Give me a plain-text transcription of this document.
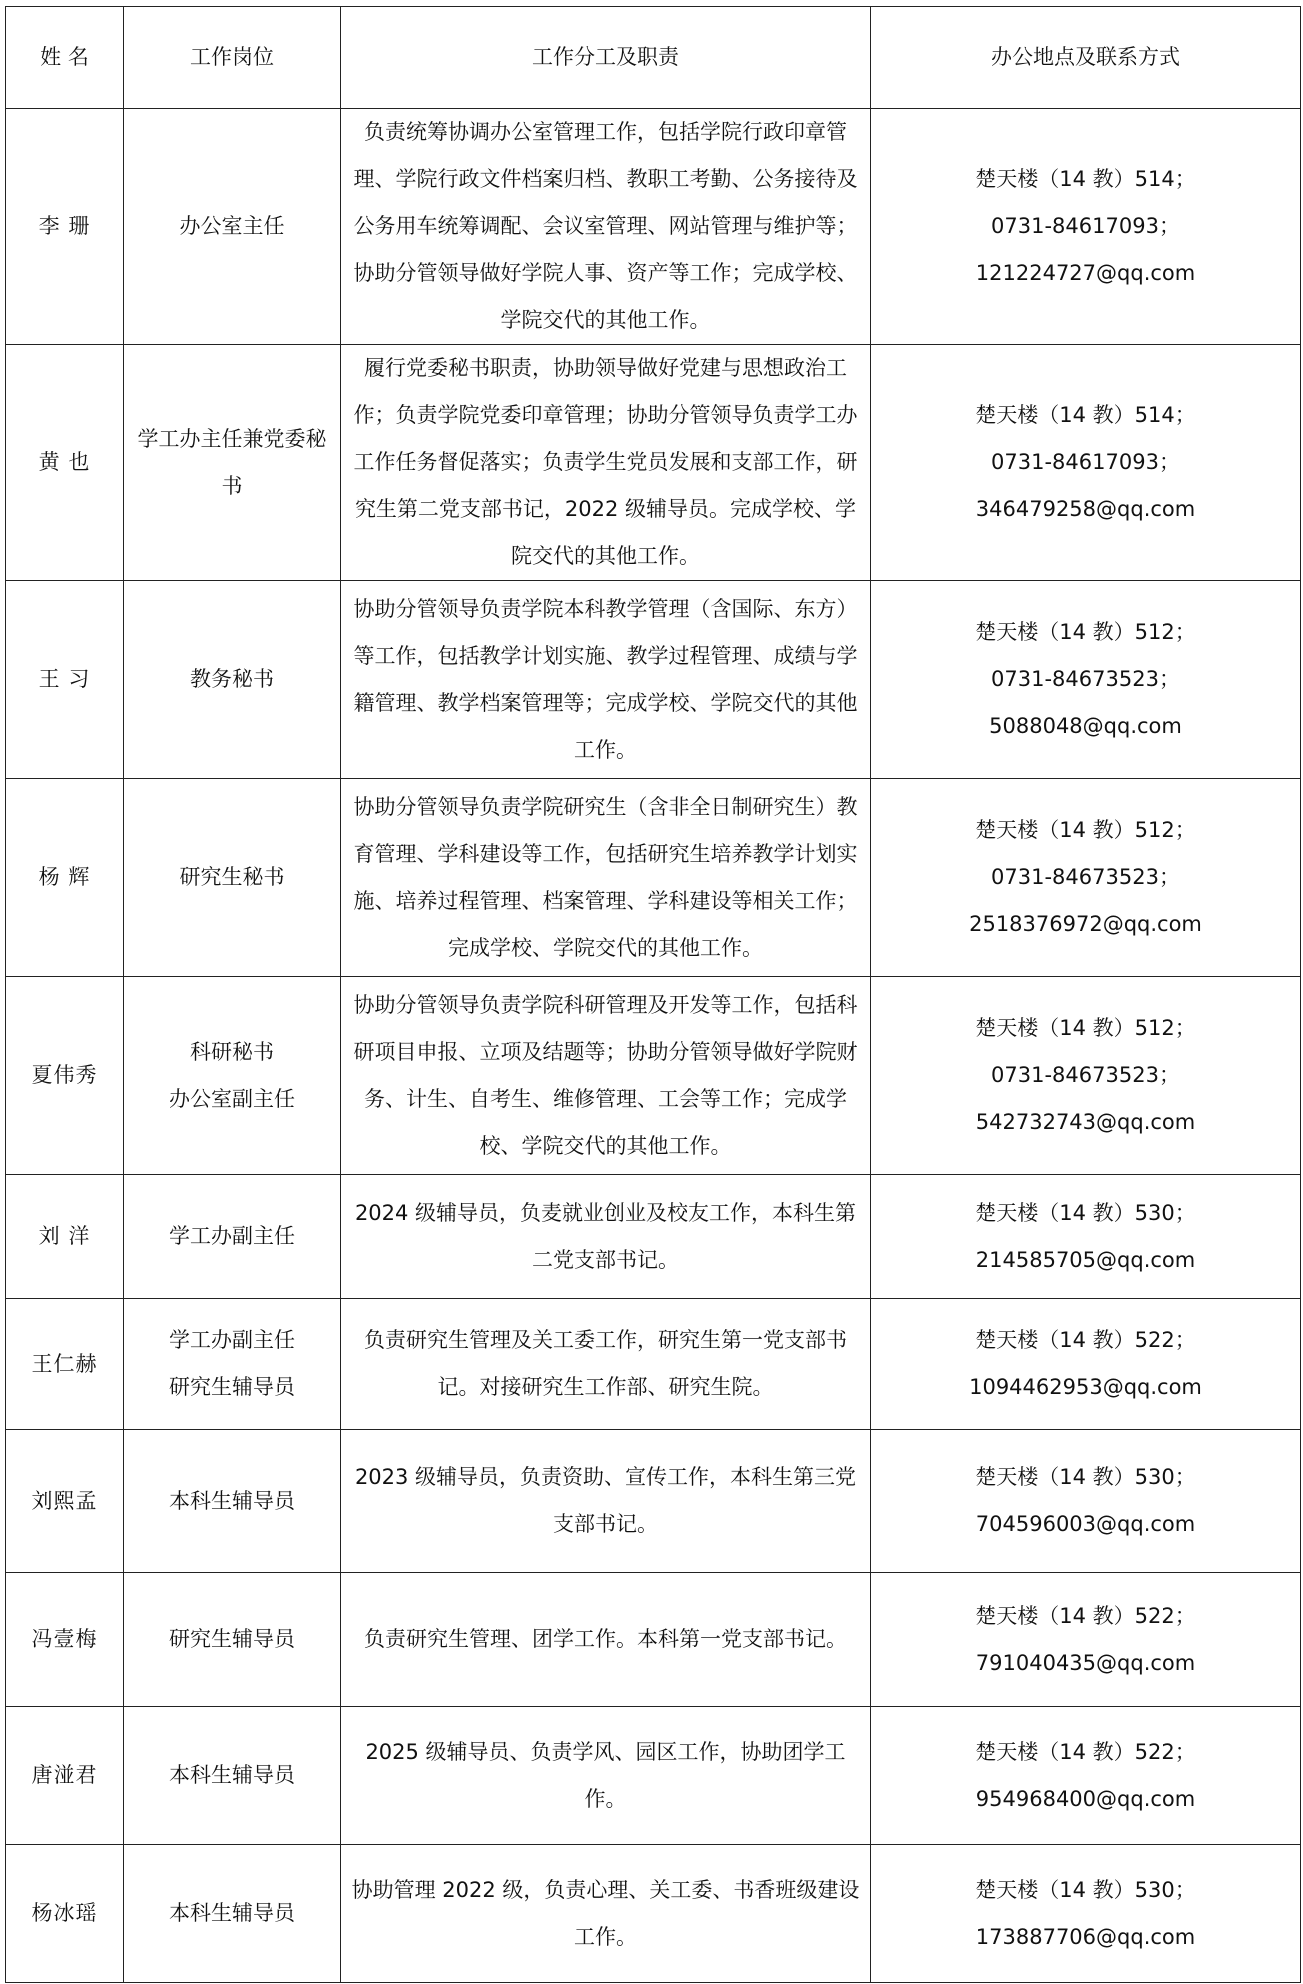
姓 名	工作岗位	工作分工及职责	办公地点及联系方式
李 珊	办公室主任	负责统筹协调办公室管理工作，包括学院行政印章管理、学院行政文件档案归档、教职工考勤、公务接待及公务用车统筹调配、会议室管理、网站管理与维护等；协助分管领导做好学院人事、资产等工作；完成学校、学院交代的其他工作。	楚天楼（14 教）514；
0731-84617093；
121224727@qq.com

黄 也	学工办主任兼党委秘
书	履行党委秘书职责，协助领导做好党建与思想政治工作；负责学院党委印章管理；协助分管领导负责学工办工作任务督促落实；负责学生党员发展和支部工作，研究生第二党支部书记，2022 级辅导员。完成学校、学院交代的其他工作。	楚天楼（14 教）514；
0731-84617093；
346479258@qq.com

王 习	教务秘书	协助分管领导负责学院本科教学管理（含国际、东方）等工作，包括教学计划实施、教学过程管理、成绩与学籍管理、教学档案管理等；完成学校、学院交代的其他工作。	楚天楼（14 教）512；
0731-84673523；
5088048@qq.com

杨 辉	研究生秘书	协助分管领导负责学院研究生（含非全日制研究生）教育管理、学科建设等工作，包括研究生培养教学计划实施、培养过程管理、档案管理、学科建设等相关工作；完成学校、学院交代的其他工作。	楚天楼（14 教）512；
0731-84673523；
2518376972@qq.com

夏伟秀	科研秘书
办公室副主任	协助分管领导负责学院科研管理及开发等工作，包括科研项目申报、立项及结题等；协助分管领导做好学院财务、计生、自考生、维修管理、工会等工作；完成学校、学院交代的其他工作。	楚天楼（14 教）512；
0731-84673523；
542732743@qq.com

刘 洋	学工办副主任	2024 级辅导员，负麦就业创业及校友工作，本科生第二党支部书记。	楚天楼（14 教）530；
214585705@qq.com

王仁赫	学工办副主任
研究生辅导员	负责研究生管理及关工委工作，研究生第一党支部书记。对接研究生工作部、研究生院。	楚天楼（14 教）522；
1094462953@qq.com

刘熙孟	本科生辅导员	2023 级辅导员，负责资助、宣传工作，本科生第三党支部书记。	楚天楼（14 教）530；
704596003@qq.com

冯壹梅	研究生辅导员	负责研究生管理、团学工作。本科第一党支部书记。	楚天楼（14 教）522；
791040435@qq.com

唐湴君	本科生辅导员	2025 级辅导员、负责学风、园区工作，协助团学工作。	楚天楼（14 教）522；
954968400@qq.com

杨冰瑶	本科生辅导员	协助管理 2022 级，负责心理、关工委、书香班级建设工作。	楚天楼（14 教）530；
173887706@qq.com
